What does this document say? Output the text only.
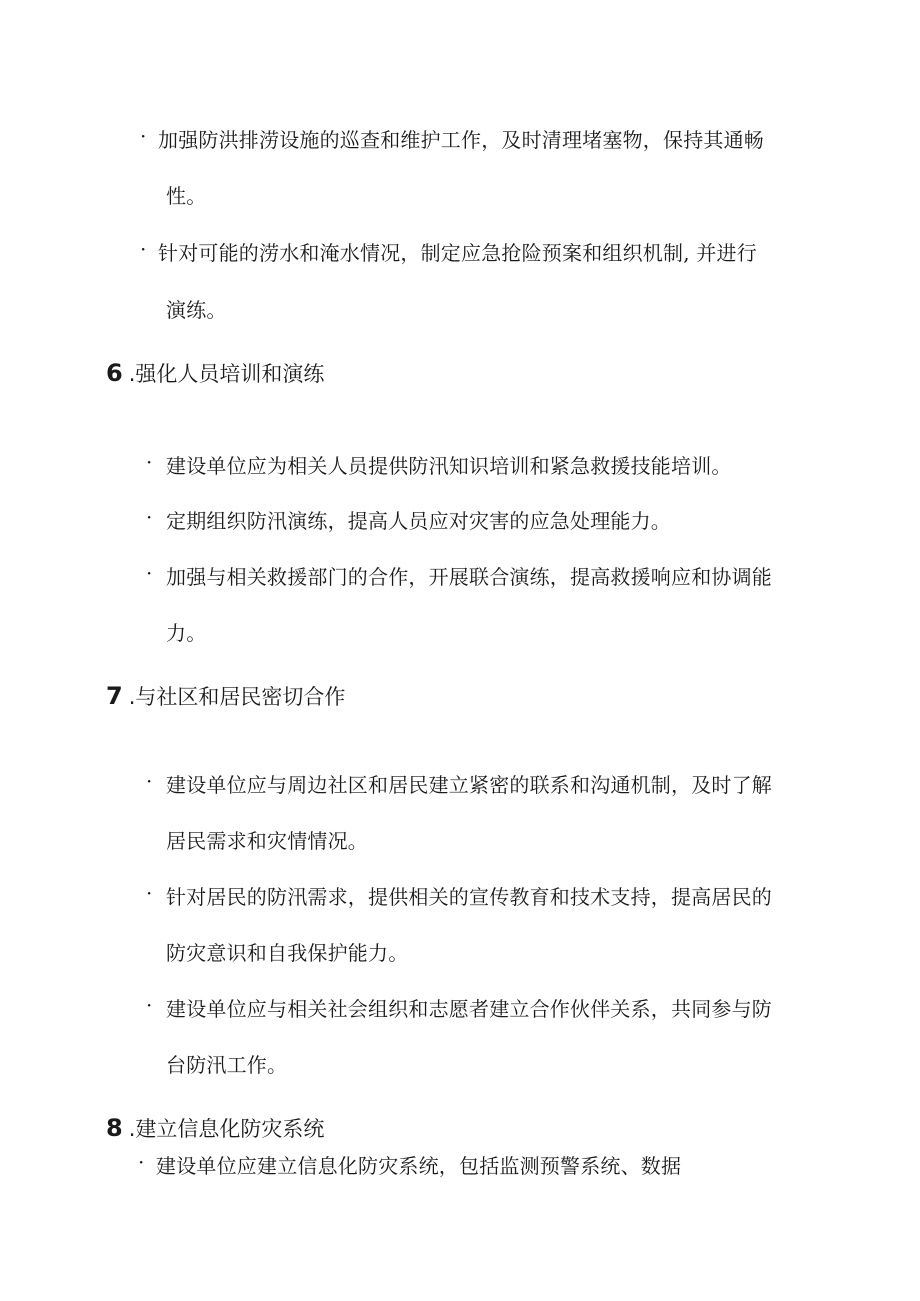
· 加强防洪排涝设施的巡查和维护工作，及时清理堵塞物，保持其通畅
性。
· 针对可能的涝水和淹水情况，制定应急抢险预案和组织机制, 并进行
演练。
6 .强化人员培训和演练
· 建设单位应为相关人员提供防汛知识培训和紧急救援技能培训。
· 定期组织防汛演练，提高人员应对灾害的应急处理能力。
· 加强与相关救援部门的合作，开展联合演练，提高救援响应和协调能
力。
7 .与社区和居民密切合作
· 建设单位应与周边社区和居民建立紧密的联系和沟通机制，及时了解
居民需求和灾情情况。
· 针对居民的防汛需求，提供相关的宣传教育和技术支持，提高居民的
防灾意识和自我保护能力。
· 建设单位应与相关社会组织和志愿者建立合作伙伴关系，共同参与防
台防汛工作。
8 .建立信息化防灾系统
· 建设单位应建立信息化防灾系统，包括监测预警系统、数据
